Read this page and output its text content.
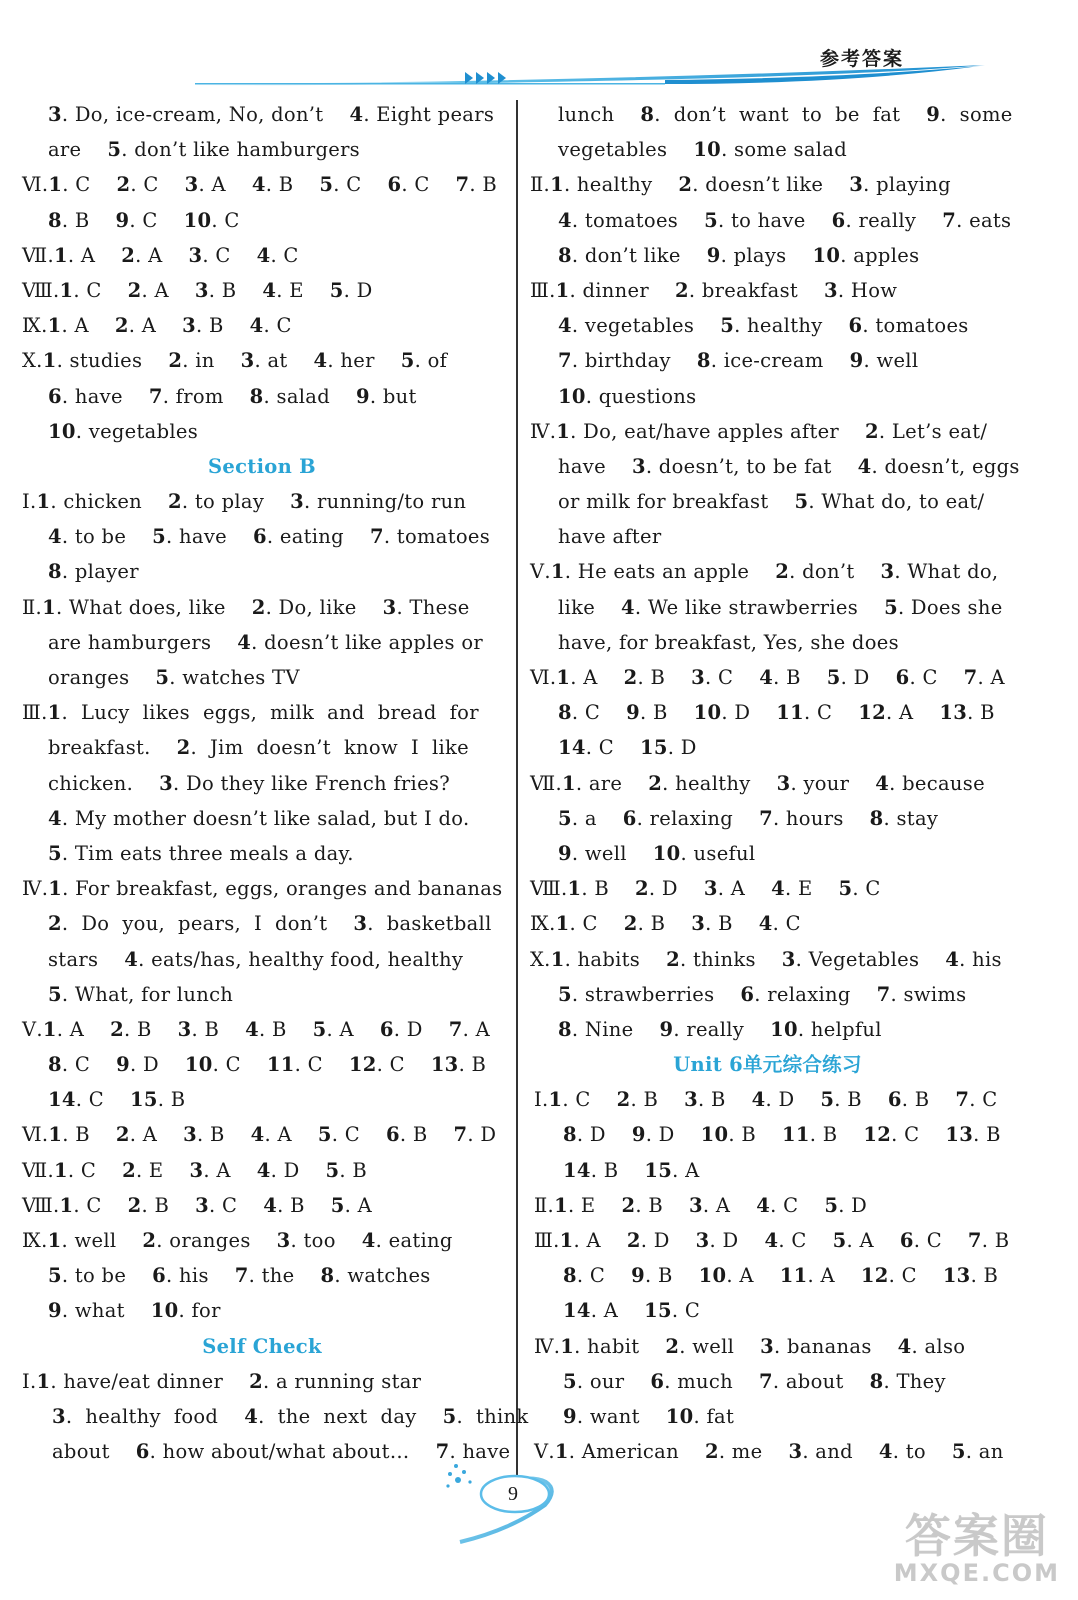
参考答案
3. Do, ice-cream, No, don’t    4. Eight pears
are    5. don’t like hamburgers
Ⅵ.1. C    2. C    3. A    4. B    5. C    6. C    7. B
8. B    9. C    10. C
Ⅶ.1. A    2. A    3. C    4. C
Ⅷ.1. C    2. A    3. B    4. E    5. D
Ⅸ.1. A    2. A    3. B    4. C
Ⅹ.1. studies    2. in    3. at    4. her    5. of
6. have    7. from    8. salad    9. but
10. vegetables
Section B
Ⅰ.1. chicken    2. to play    3. running/to run
4. to be    5. have    6. eating    7. tomatoes
8. player
Ⅱ.1. What does, like    2. Do, like    3. These
are hamburgers    4. doesn’t like apples or
oranges    5. watches TV
Ⅲ.1.  Lucy  likes  eggs,  milk  and  bread  for
breakfast.    2.  Jim  doesn’t  know  I  like
chicken.    3. Do they like French fries?
4. My mother doesn’t like salad, but I do.
5. Tim eats three meals a day.
Ⅳ.1. For breakfast, eggs, oranges and bananas
2.  Do  you,  pears,  I  don’t    3.  basketball
stars    4. eats/has, healthy food, healthy
5. What, for lunch
Ⅴ.1. A    2. B    3. B    4. B    5. A    6. D    7. A
8. C    9. D    10. C    11. C    12. C    13. B
14. C    15. B
Ⅵ.1. B    2. A    3. B    4. A    5. C    6. B    7. D
Ⅶ.1. C    2. E    3. A    4. D    5. B
Ⅷ.1. C    2. B    3. C    4. B    5. A
Ⅸ.1. well    2. oranges    3. too    4. eating
5. to be    6. his    7. the    8. watches
9. what    10. for
Self Check
Ⅰ.1. have/eat dinner    2. a running star
3.  healthy  food    4.  the  next  day    5.  think
about    6. how about/what about…    7. have
lunch    8.  don’t  want  to  be  fat    9.  some
vegetables    10. some salad
Ⅱ.1. healthy    2. doesn’t like    3. playing
4. tomatoes    5. to have    6. really    7. eats
8. don’t like    9. plays    10. apples
Ⅲ.1. dinner    2. breakfast    3. How
4. vegetables    5. healthy    6. tomatoes
7. birthday    8. ice-cream    9. well
10. questions
Ⅳ.1. Do, eat/have apples after    2. Let’s eat/
have    3. doesn’t, to be fat    4. doesn’t, eggs
or milk for breakfast    5. What do, to eat/
have after
Ⅴ.1. He eats an apple    2. don’t    3. What do,
like    4. We like strawberries    5. Does she
have, for breakfast, Yes, she does
Ⅵ.1. A    2. B    3. C    4. B    5. D    6. C    7. A
8. C    9. B    10. D    11. C    12. A    13. B
14. C    15. D
Ⅶ.1. are    2. healthy    3. your    4. because
5. a    6. relaxing    7. hours    8. stay
9. well    10. useful
Ⅷ.1. B    2. D    3. A    4. E    5. C
Ⅸ.1. C    2. B    3. B    4. C
Ⅹ.1. habits    2. thinks    3. Vegetables    4. his
5. strawberries    6. relaxing    7. swims
8. Nine    9. really    10. helpful
Unit 6单元综合练习
Ⅰ.1. C    2. B    3. B    4. D    5. B    6. B    7. C
8. D    9. D    10. B    11. B    12. C    13. B
14. B    15. A
Ⅱ.1. E    2. B    3. A    4. C    5. D
Ⅲ.1. A    2. D    3. D    4. C    5. A    6. C    7. B
8. C    9. B    10. A    11. A    12. C    13. B
14. A    15. C
Ⅳ.1. habit    2. well    3. bananas    4. also
5. our    6. much    7. about    8. They
9. want    10. fat
Ⅴ.1. American    2. me    3. and    4. to    5. an
9
答案圈
MXQE.COM
